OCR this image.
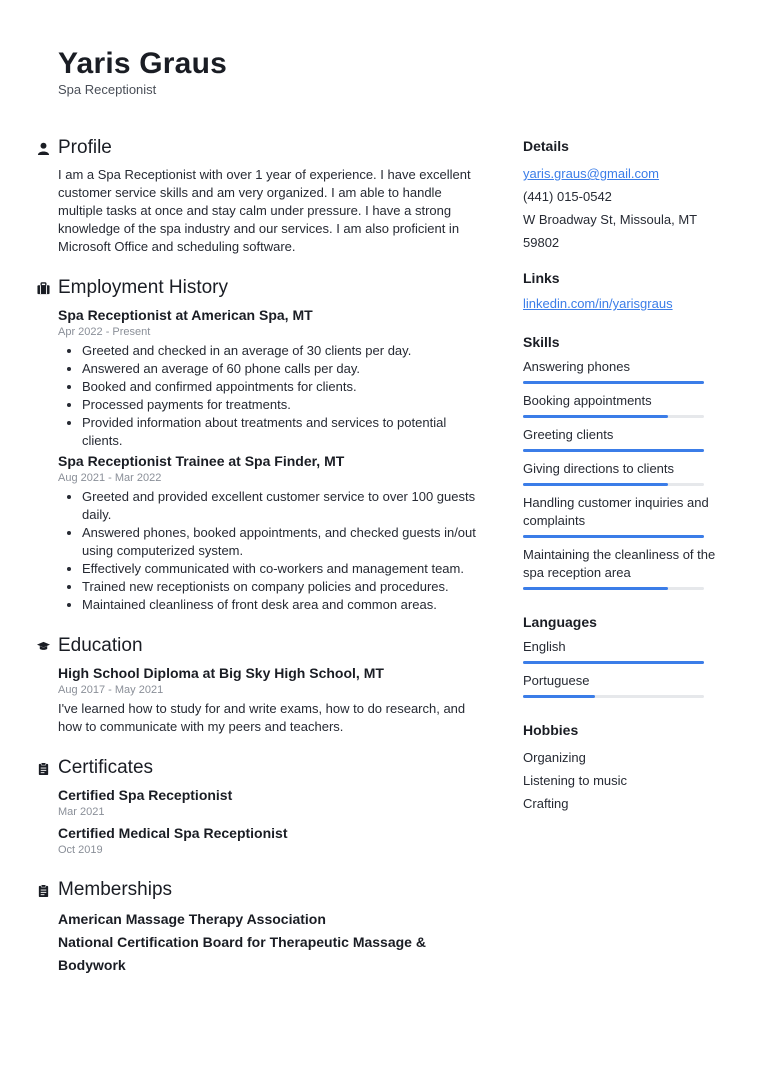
Yaris Graus
Spa Receptionist
Profile
I am a Spa Receptionist with over 1 year of experience. I have excellent customer service skills and am very organized. I am able to handle multiple tasks at once and stay calm under pressure. I have a strong knowledge of the spa industry and our services. I am also proficient in Microsoft Office and scheduling software.
Employment History
Spa Receptionist at American Spa, MT
Apr 2022 - Present
• Greeted and checked in an average of 30 clients per day.
• Answered an average of 60 phone calls per day.
• Booked and confirmed appointments for clients.
• Processed payments for treatments.
• Provided information about treatments and services to potential clients.
Spa Receptionist Trainee at Spa Finder, MT
Aug 2021 - Mar 2022
• Greeted and provided excellent customer service to over 100 guests daily.
• Answered phones, booked appointments, and checked guests in/out using computerized system.
• Effectively communicated with co-workers and management team.
• Trained new receptionists on company policies and procedures.
• Maintained cleanliness of front desk area and common areas.
Education
High School Diploma at Big Sky High School, MT
Aug 2017 - May 2021
I've learned how to study for and write exams, how to do research, and how to communicate with my peers and teachers.
Certificates
Certified Spa Receptionist
Mar 2021
Certified Medical Spa Receptionist
Oct 2019
Memberships
American Massage Therapy Association
National Certification Board for Therapeutic Massage & Bodywork
Details
yaris.graus@gmail.com
(441) 015-0542
W Broadway St, Missoula, MT 59802
Links
linkedin.com/in/yarisgraus
Skills
Answering phones
Booking appointments
Greeting clients
Giving directions to clients
Handling customer inquiries and complaints
Maintaining the cleanliness of the spa reception area
Languages
English
Portuguese
Hobbies
Organizing
Listening to music
Crafting
